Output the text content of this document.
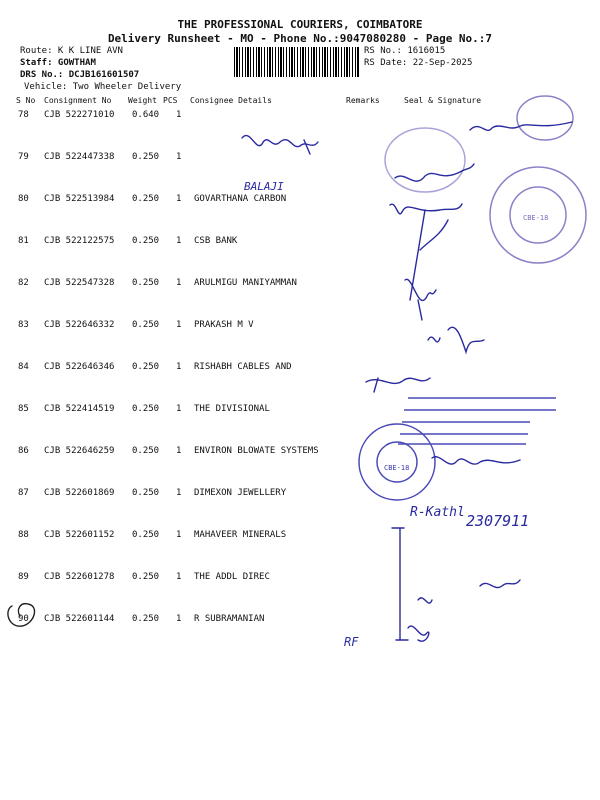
THE PROFESSIONAL COURIERS, COIMBATORE
Delivery Runsheet - MO - Phone No.:9047080280 - Page No.:7
Route: K K LINE AVN
Staff: GOWTHAM
DRS No.: DCJB161601507
Vehicle: Two Wheeler Delivery
RS No.: 1616015
RS Date: 22-Sep-2025
S No Consignment No Weight PCS Consignee Details	Remarks	Seal & Signature
78 CJB 522271010 0.640 1
79 CJB 522447338 0.250 1
80 CJB 522513984 0.250 1 GOVARTHANA CARBON
81 CJB 522122575 0.250 1 CSB BANK
82 CJB 522547328 0.250 1 ARULMIGU MANIYAMMAN
83 CJB 522646332 0.250 1 PRAKASH M V
84 CJB 522646346 0.250 1 RISHABH CABLES AND
85 CJB 522414519 0.250 1 THE DIVISIONAL
86 CJB 522646259 0.250 1 ENVIRON BLOWATE SYSTEMS
87 CJB 522601869 0.250 1 DIMEXON JEWELLERY
88 CJB 522601152 0.250 1 MAHAVEER MINERALS
89 CJB 522601278 0.250 1 THE ADDL DIREC
90 CJB 522601144 0.250 1 R SUBRAMANIAN
CBE-18
CBE-18
BALAJI
R-Kathl 2307911
RF
